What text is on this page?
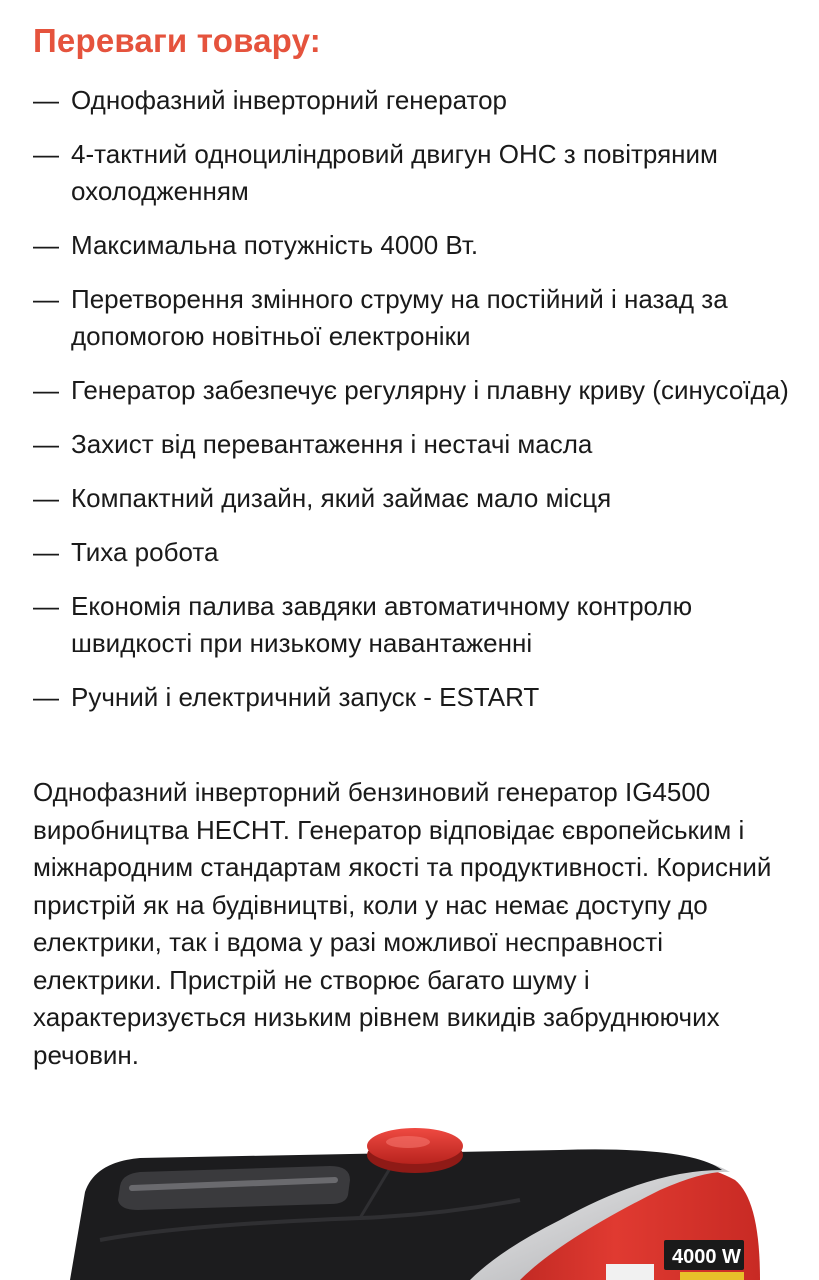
Переваги товару:
— Однофазний інверторний генератор
— 4-тактний одноциліндровий двигун OHC з повітряним охолодженням
— Максимальна потужність 4000 Вт.
— Перетворення змінного струму на постійний і назад за допомогою новітньої електроніки
— Генератор забезпечує регулярну і плавну криву (синусоїда)
— Захист від перевантаження і нестачі масла
— Компактний дизайн, який займає мало місця
— Тиха робота
— Економія палива завдяки автоматичному контролю швидкості при низькому навантаженні
— Ручний і електричний запуск - ESTART

Однофазний інверторний бензиновий генератор IG4500 виробництва HECHT. Генератор відповідає європейським і міжнародним стандартам якості та продуктивності. Корисний пристрій як на будівництві, коли у нас немає доступу до електрики, так і вдома у разі можливої несправності електрики. Пристрій не створює багато шуму і характеризується низьким рівнем викидів забруднюючих речовин.

4000 W
